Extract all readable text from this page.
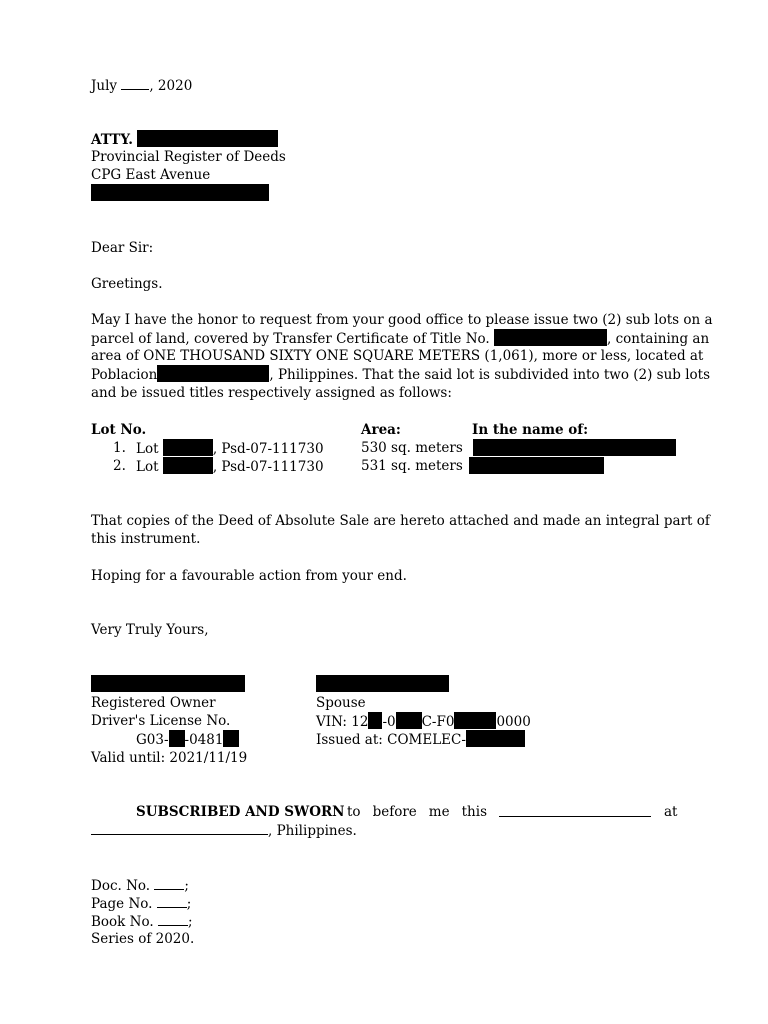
July , 2020
ATTY.
Provincial Register of Deeds
CPG East Avenue
Dear Sir:
Greetings.
May I have the honor to request from your good office to please issue two (2) sub lots on a
parcel of land, covered by Transfer Certificate of Title No.	, containing an
area of ONE THOUSAND SIXTY ONE SQUARE METERS (1,061), more or less, located at
Poblacion	, Philippines. That the said lot is subdivided into two (2) sub lots
and be issued titles respectively assigned as follows:
Lot No.	Area:	In the name of:
1. Lot	, Psd-07-111730	530 sq. meters
2. Lot	, Psd-07-111730	531 sq. meters
That copies of the Deed of Absolute Sale are hereto attached and made an integral part of
this instrument.
Hoping for a favourable action from your end.
Very Truly Yours,
Registered Owner
Driver's License No.
G03- -0481
Valid until: 2021/11/19
Spouse
VIN: 12 -0 C-F0	0000
Issued at: COMELEC-
SUBSCRIBED AND SWORN to before me this	at
, Philippines.
Doc. No.	;
Page No.	;
Book No.	;
Series of 2020.
